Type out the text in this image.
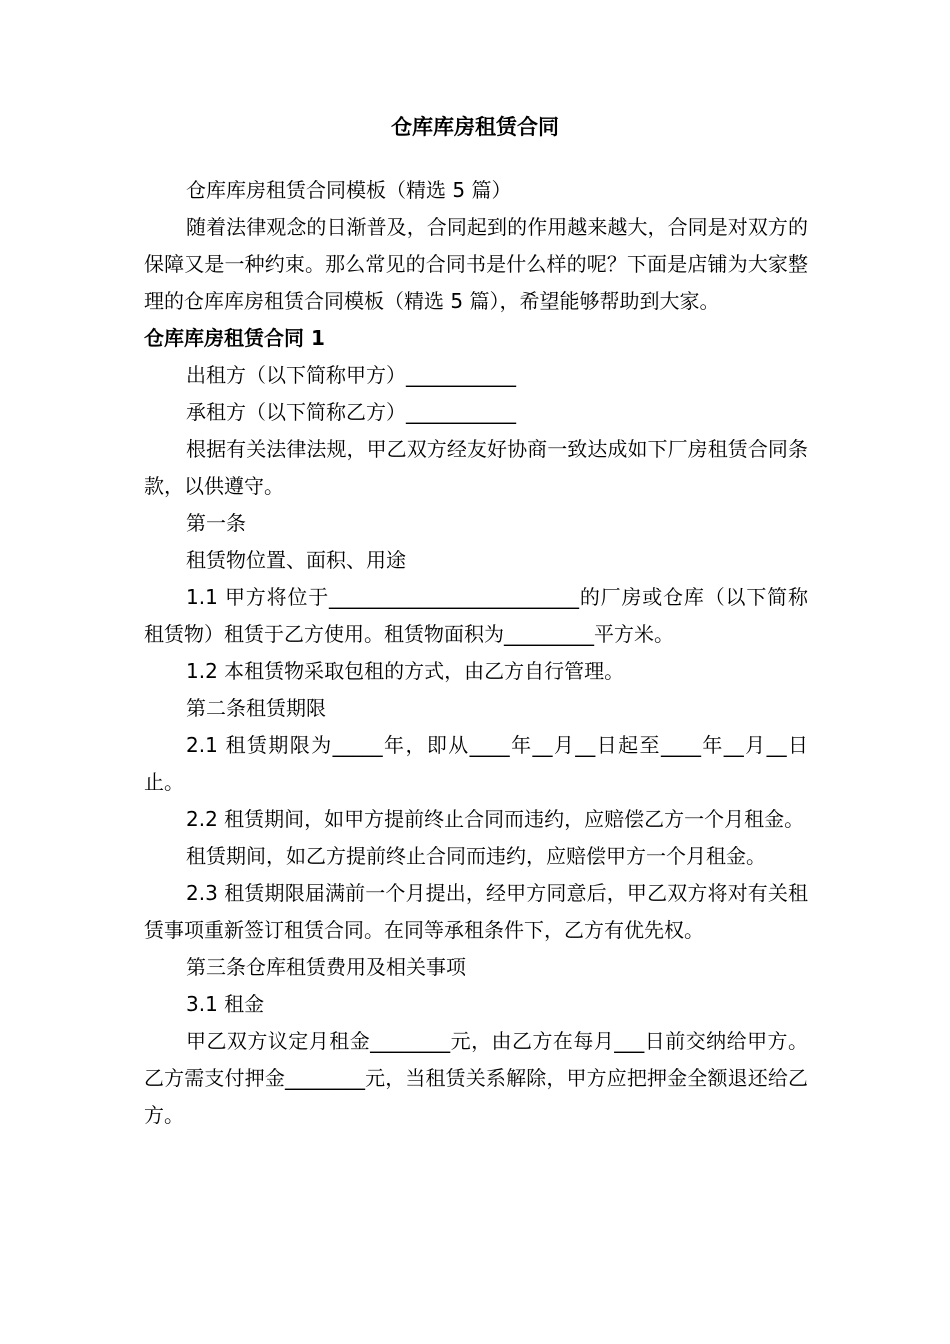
仓库库房租赁合同

仓库库房租赁合同模板（精选 5 篇）

随着法律观念的日渐普及，合同起到的作用越来越大，合同是对双方的保障又是一种约束。那么常见的合同书是什么样的呢？下面是店铺为大家整理的仓库库房租赁合同模板（精选 5 篇），希望能够帮助到大家。

仓库库房租赁合同 1

出租方（以下简称甲方）___________

承租方（以下简称乙方）___________

根据有关法律法规，甲乙双方经友好协商一致达成如下厂房租赁合同条款，以供遵守。

第一条

租赁物位置、面积、用途

1.1 甲方将位于_________________________的厂房或仓库（以下简称租赁物）租赁于乙方使用。租赁物面积为_________平方米。

1.2 本租赁物采取包租的方式，由乙方自行管理。

第二条租赁期限

2.1 租赁期限为_____年，即从____年__月__日起至____年__月__日止。

2.2 租赁期间，如甲方提前终止合同而违约，应赔偿乙方一个月租金。

租赁期间，如乙方提前终止合同而违约，应赔偿甲方一个月租金。

2.3 租赁期限届满前一个月提出，经甲方同意后，甲乙双方将对有关租赁事项重新签订租赁合同。在同等承租条件下，乙方有优先权。

第三条仓库租赁费用及相关事项

3.1 租金

甲乙双方议定月租金________元，由乙方在每月___日前交纳给甲方。乙方需支付押金________元，当租赁关系解除，甲方应把押金全额退还给乙方。
